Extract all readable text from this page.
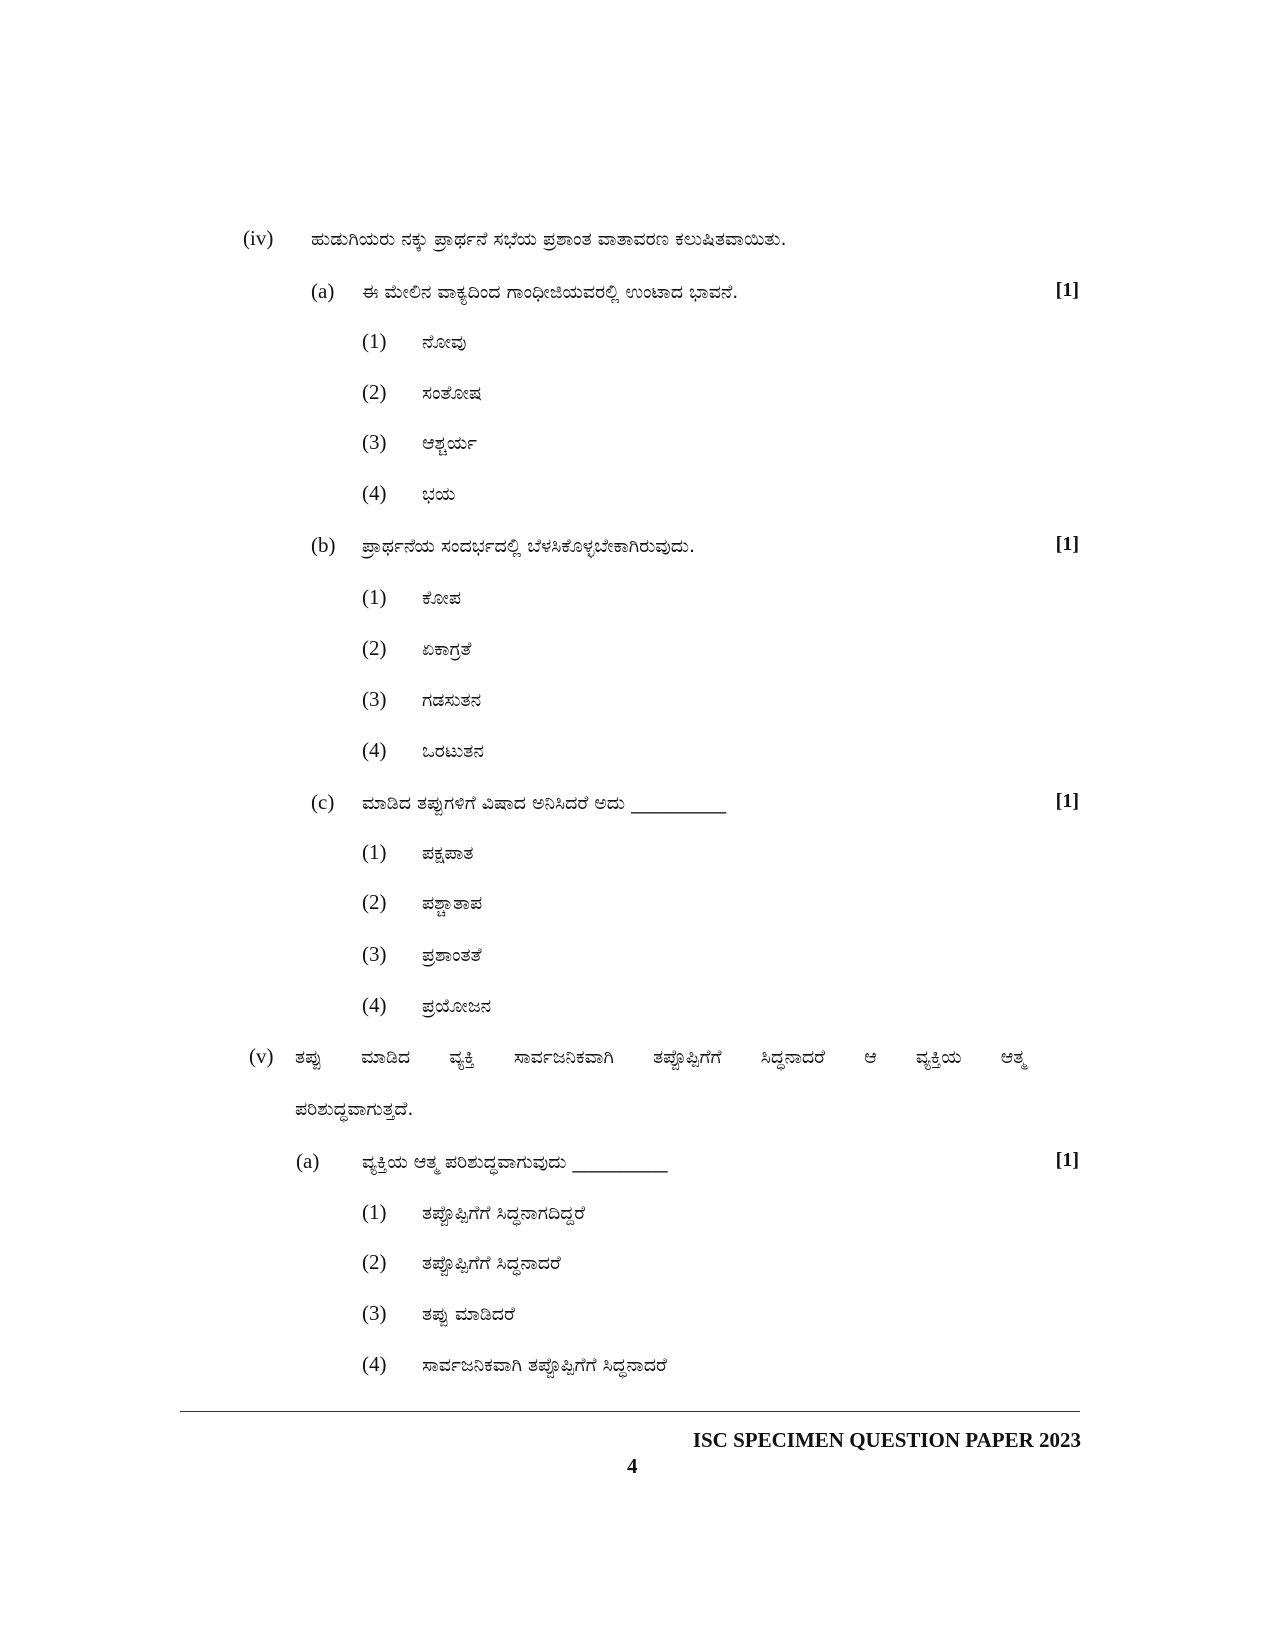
(iv) ಹುಡುಗಿಯರು ನಕ್ಕು ಪ್ರಾರ್ಥನೆ ಸಭೆಯ ಪ್ರಶಾಂತ ವಾತಾವರಣ ಕಲುಷಿತವಾಯಿತು.
(a) ಈ ಮೇಲಿನ ವಾಕ್ಯದಿಂದ ಗಾಂಧೀಜಿಯವರಲ್ಲಿ ಉಂಟಾದ ಭಾವನೆ.	[1]
(1) ನೋವು
(2) ಸಂತೋಷ
(3) ಆಶ್ಚರ್ಯ
(4) ಭಯ
(b) ಪ್ರಾರ್ಥನೆಯ ಸಂದರ್ಭದಲ್ಲಿ ಬೆಳಸಿಕೊಳ್ಳಬೇಕಾಗಿರುವುದು.	[1]
(1) ಕೋಪ
(2) ಏಕಾಗ್ರತೆ
(3) ಗಡಸುತನ
(4) ಒರಟುತನ
(c) ಮಾಡಿದ ತಪ್ಪುಗಳಿಗೆ ವಿಷಾದ ಅನಿಸಿದರೆ ಅದು __________	[1]
(1) ಪಕ್ಷಪಾತ
(2) ಪಶ್ಚಾತಾಪ
(3) ಪ್ರಶಾಂತತೆ
(4) ಪ್ರಯೋಜನ
(v) ತಪ್ಪು ಮಾಡಿದ ವ್ಯಕ್ತಿ ಸಾರ್ವಜನಿಕವಾಗಿ ತಪ್ಪೊಪ್ಪಿಗೆಗೆ ಸಿದ್ಧನಾದರೆ ಆ ವ್ಯಕ್ತಿಯ ಆತ್ಮ
ಪರಿಶುದ್ಧವಾಗುತ್ತದೆ.
(a) ವ್ಯಕ್ತಿಯ ಆತ್ಮ ಪರಿಶುದ್ಧವಾಗುವುದು __________	[1]
(1) ತಪ್ಪೊಪ್ಪಿಗೆಗೆ ಸಿದ್ಧನಾಗದಿದ್ದರೆ
(2) ತಪ್ಪೊಪ್ಪಿಗೆಗೆ ಸಿದ್ಧನಾದರೆ
(3) ತಪ್ಪು ಮಾಡಿದರೆ
(4) ಸಾರ್ವಜನಿಕವಾಗಿ ತಪ್ಪೊಪ್ಪಿಗೆಗೆ ಸಿದ್ಧನಾದರೆ
ISC SPECIMEN QUESTION PAPER 2023
4
